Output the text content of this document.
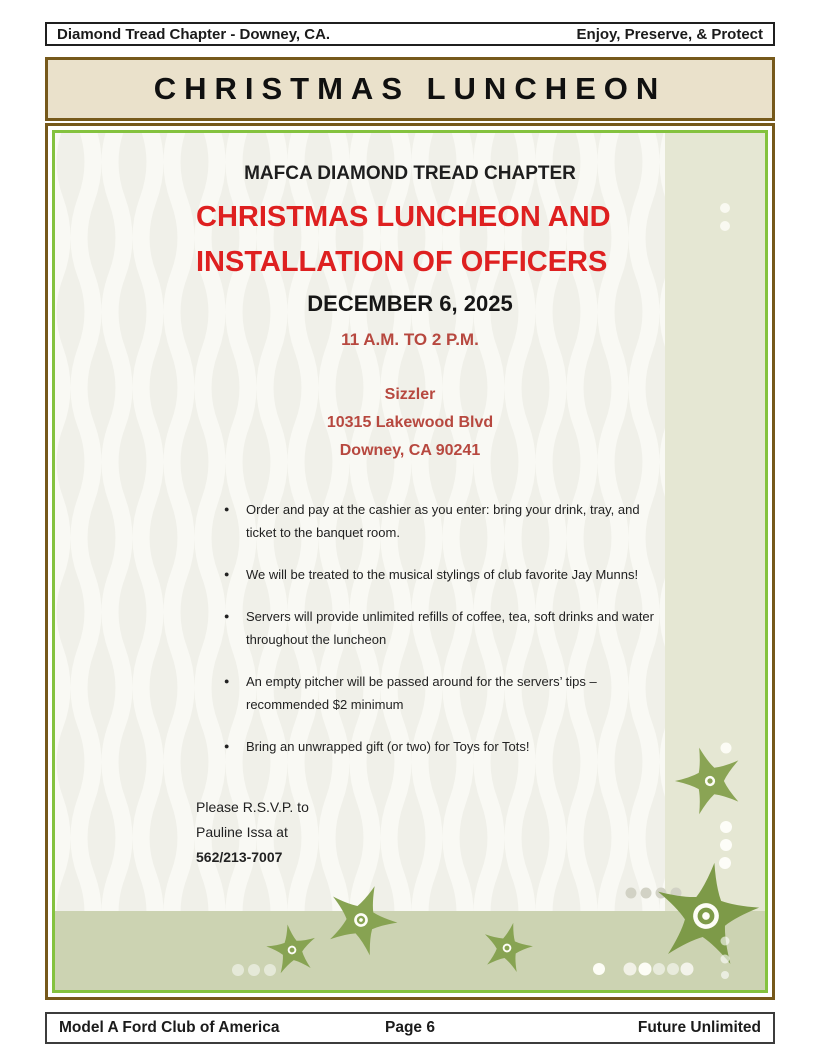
Diamond Tread Chapter - Downey, CA.	Enjoy, Preserve, & Protect
CHRISTMAS LUNCHEON
MAFCA DIAMOND TREAD CHAPTER
CHRISTMAS LUNCHEON AND
INSTALLATION OF OFFICERS
DECEMBER 6, 2025
11 A.M. TO 2 P.M.
Sizzler
10315 Lakewood Blvd
Downey, CA 90241
● Order and pay at the cashier as you enter: bring your drink, tray, and ticket to the banquet room.
● We will be treated to the musical stylings of club favorite Jay Munns!
● Servers will provide unlimited refills of coffee, tea, soft drinks and water throughout the luncheon
● An empty pitcher will be passed around for the servers’ tips – recommended $2 minimum
● Bring an unwrapped gift (or two) for Toys for Tots!
Please R.S.V.P. to
Pauline Issa at
562/213-7007
Model A Ford Club of America	Page 6	Future Unlimited
